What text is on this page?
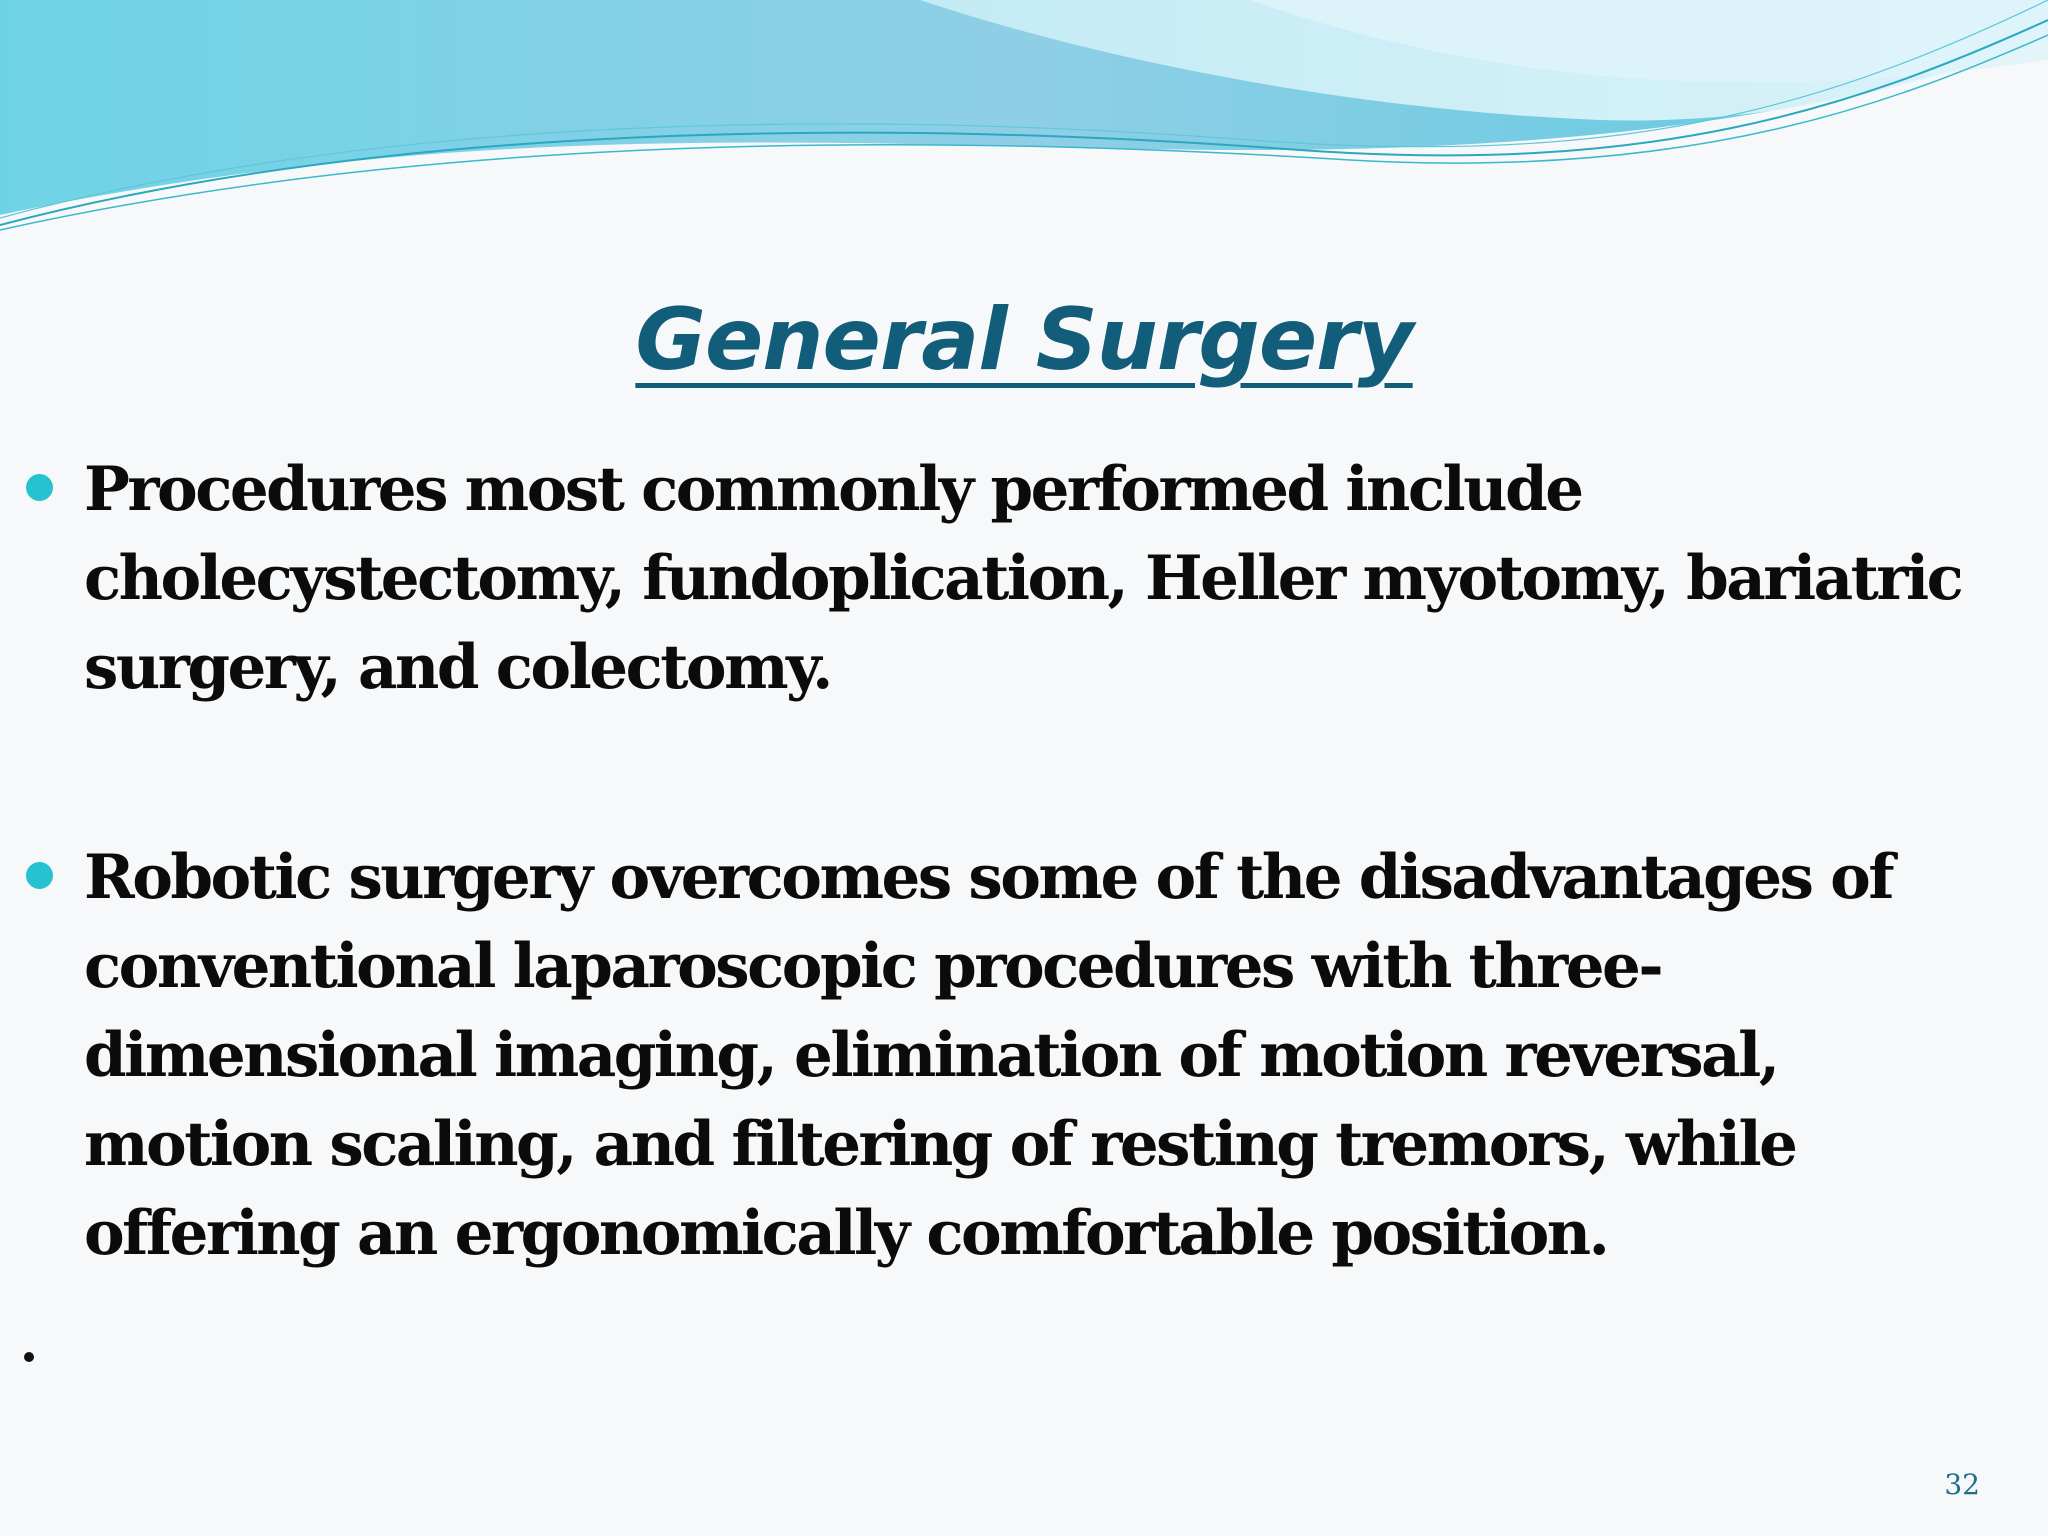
General Surgery
Procedures most commonly performed include cholecystectomy, fundoplication, Heller myotomy, bariatric surgery, and colectomy.
Robotic surgery overcomes some of the disadvantages of conventional laparoscopic procedures with three-dimensional imaging, elimination of motion reversal, motion scaling, and filtering of resting tremors, while offering an ergonomically comfortable position.
32
